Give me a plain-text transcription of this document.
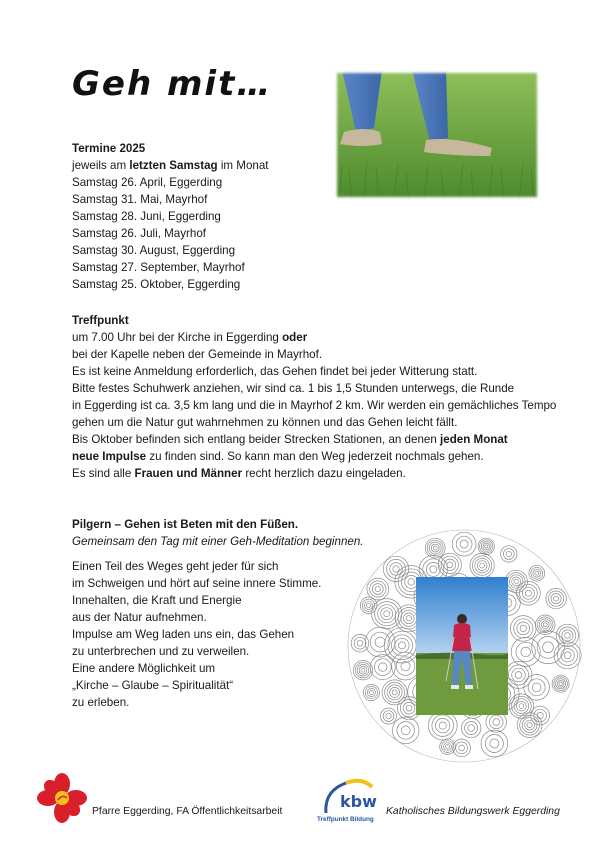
Geh mit…
Termine 2025
jeweils am letzten Samstag im Monat
Samstag 26. April, Eggerding
Samstag 31. Mai, Mayrhof
Samstag 28. Juni, Eggerding
Samstag 26. Juli, Mayrhof
Samstag 30. August, Eggerding
Samstag 27. September, Mayrhof
Samstag 25. Oktober, Eggerding
Treffpunkt
um 7.00 Uhr bei der Kirche in Eggerding oder
bei der Kapelle neben der Gemeinde in Mayrhof.
Es ist keine Anmeldung erforderlich, das Gehen findet bei jeder Witterung statt.
Bitte festes Schuhwerk anziehen, wir sind ca. 1 bis 1,5 Stunden unterwegs, die Runde
in Eggerding ist ca. 3,5 km lang und die in Mayrhof 2 km. Wir werden ein gemächliches Tempo
gehen um die Natur gut wahrnehmen zu können und das Gehen leicht fällt.
Bis Oktober befinden sich entlang beider Strecken Stationen, an denen jeden Monat
neue Impulse zu finden sind. So kann man den Weg jederzeit nochmals gehen.
Es sind alle Frauen und Männer recht herzlich dazu eingeladen.
Pilgern – Gehen ist Beten mit den Füßen.
Gemeinsam den Tag mit einer Geh-Meditation beginnen.
Einen Teil des Weges geht jeder für sich
im Schweigen und hört auf seine innere Stimme.
Innehalten, die Kraft und Energie
aus der Natur aufnehmen.
Impulse am Weg laden uns ein, das Gehen
zu unterbrechen und zu verweilen.
Eine andere Möglichkeit um
„Kirche – Glaube – Spiritualität“
zu erleben.
Pfarre Eggerding, FA Öffentlichkeitsarbeit
kbw
Treffpunkt Bildung
Katholisches Bildungswerk Eggerding
